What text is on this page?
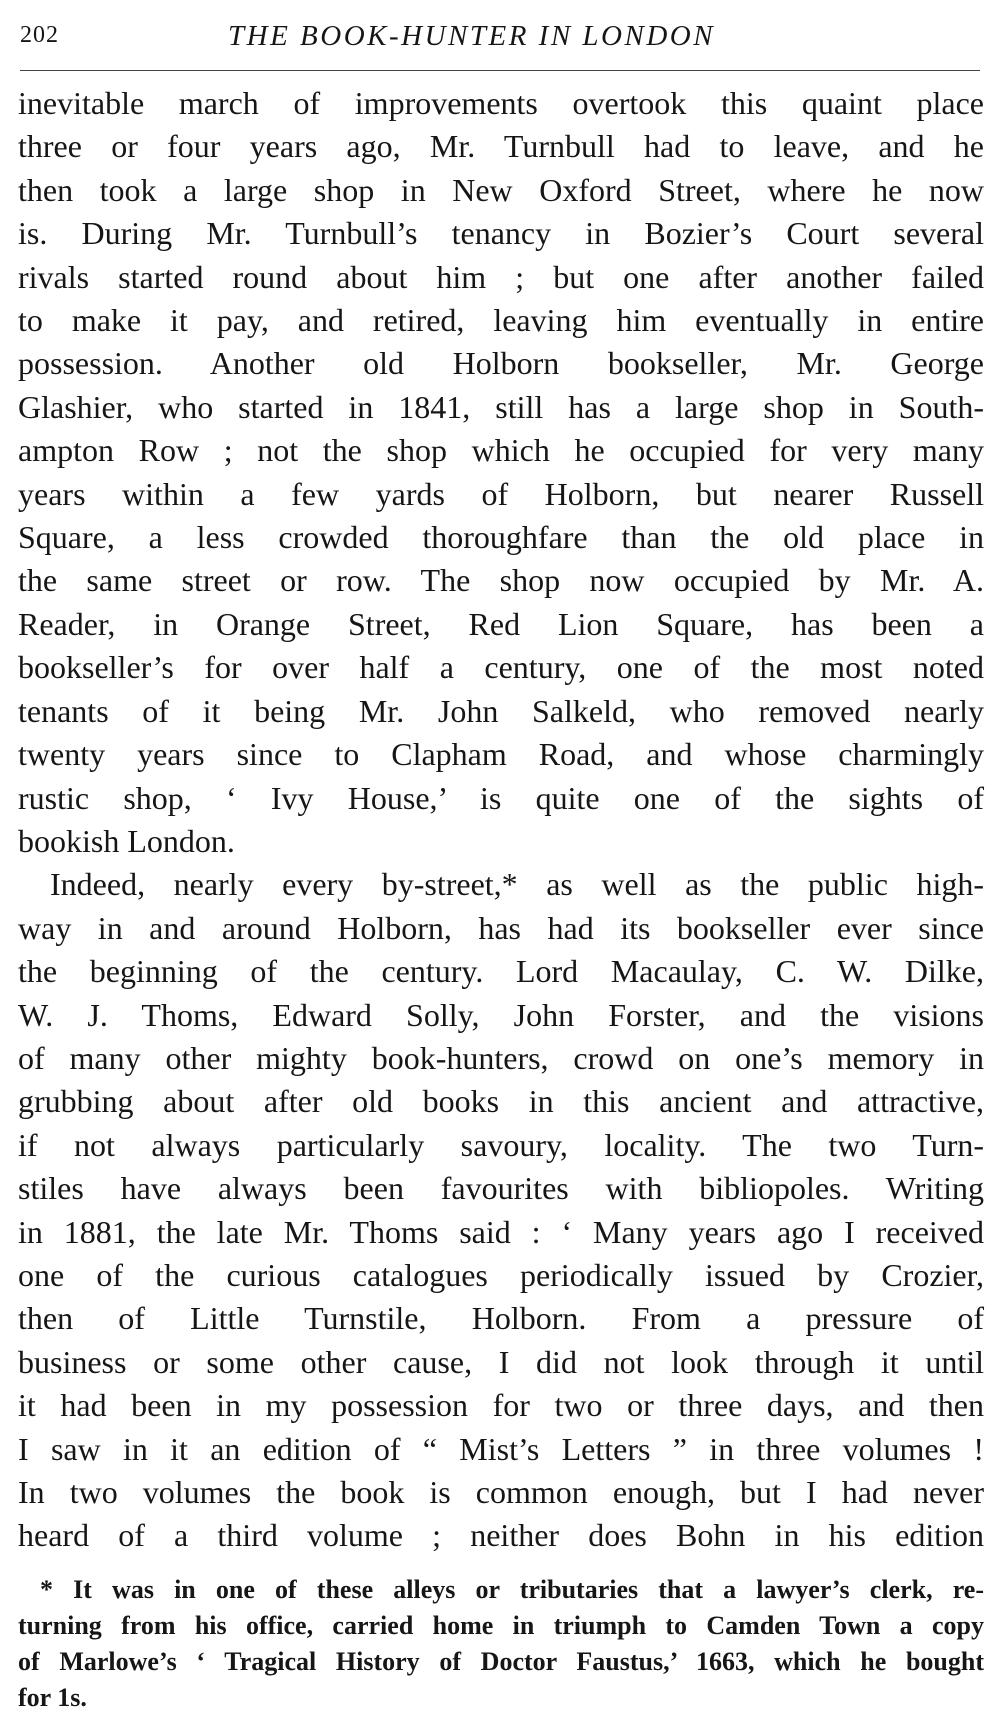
202	THE BOOK-HUNTER IN LONDON

inevitable march of improvements overtook this quaint place

three or four years ago, Mr. Turnbull had to leave, and he

then took a large shop in New Oxford Street, where he now

is. During Mr. Turnbull’s tenancy in Bozier’s Court several

rivals started round about him ; but one after another failed

to make it pay, and retired, leaving him eventually in entire

possession. Another old Holborn bookseller, Mr. George

Glashier, who started in 1841, still has a large shop in South-

ampton Row ; not the shop which he occupied for very many

years within a few yards of Holborn, but nearer Russell

Square, a less crowded thoroughfare than the old place in

the same street or row. The shop now occupied by Mr. A.

Reader, in Orange Street, Red Lion Square, has been a

bookseller’s for over half a century, one of the most noted

tenants of it being Mr. John Salkeld, who removed nearly

twenty years since to Clapham Road, and whose charmingly

rustic shop, ‘ Ivy House,’ is quite one of the sights of

bookish London.

Indeed, nearly every by-street,* as well as the public high-

way in and around Holborn, has had its bookseller ever since

the beginning of the century. Lord Macaulay, C. W. Dilke,

W. J. Thoms, Edward Solly, John Forster, and the visions

of many other mighty book-hunters, crowd on one’s memory in

grubbing about after old books in this ancient and attractive,

if not always particularly savoury, locality. The two Turn-

stiles have always been favourites with bibliopoles. Writing

in 1881, the late Mr. Thoms said : ‘ Many years ago I received

one of the curious catalogues periodically issued by Crozier,

then of Little Turnstile, Holborn. From a pressure of

business or some other cause, I did not look through it until

it had been in my possession for two or three days, and then

I saw in it an edition of “ Mist’s Letters ” in three volumes !

In two volumes the book is common enough, but I had never

heard of a third volume ; neither does Bohn in his edition

* It was in one of these alleys or tributaries that a lawyer’s clerk, re-

turning from his office, carried home in triumph to Camden Town a copy

of Marlowe’s ‘ Tragical History of Doctor Faustus,’ 1663, which he bought

for 1s.
